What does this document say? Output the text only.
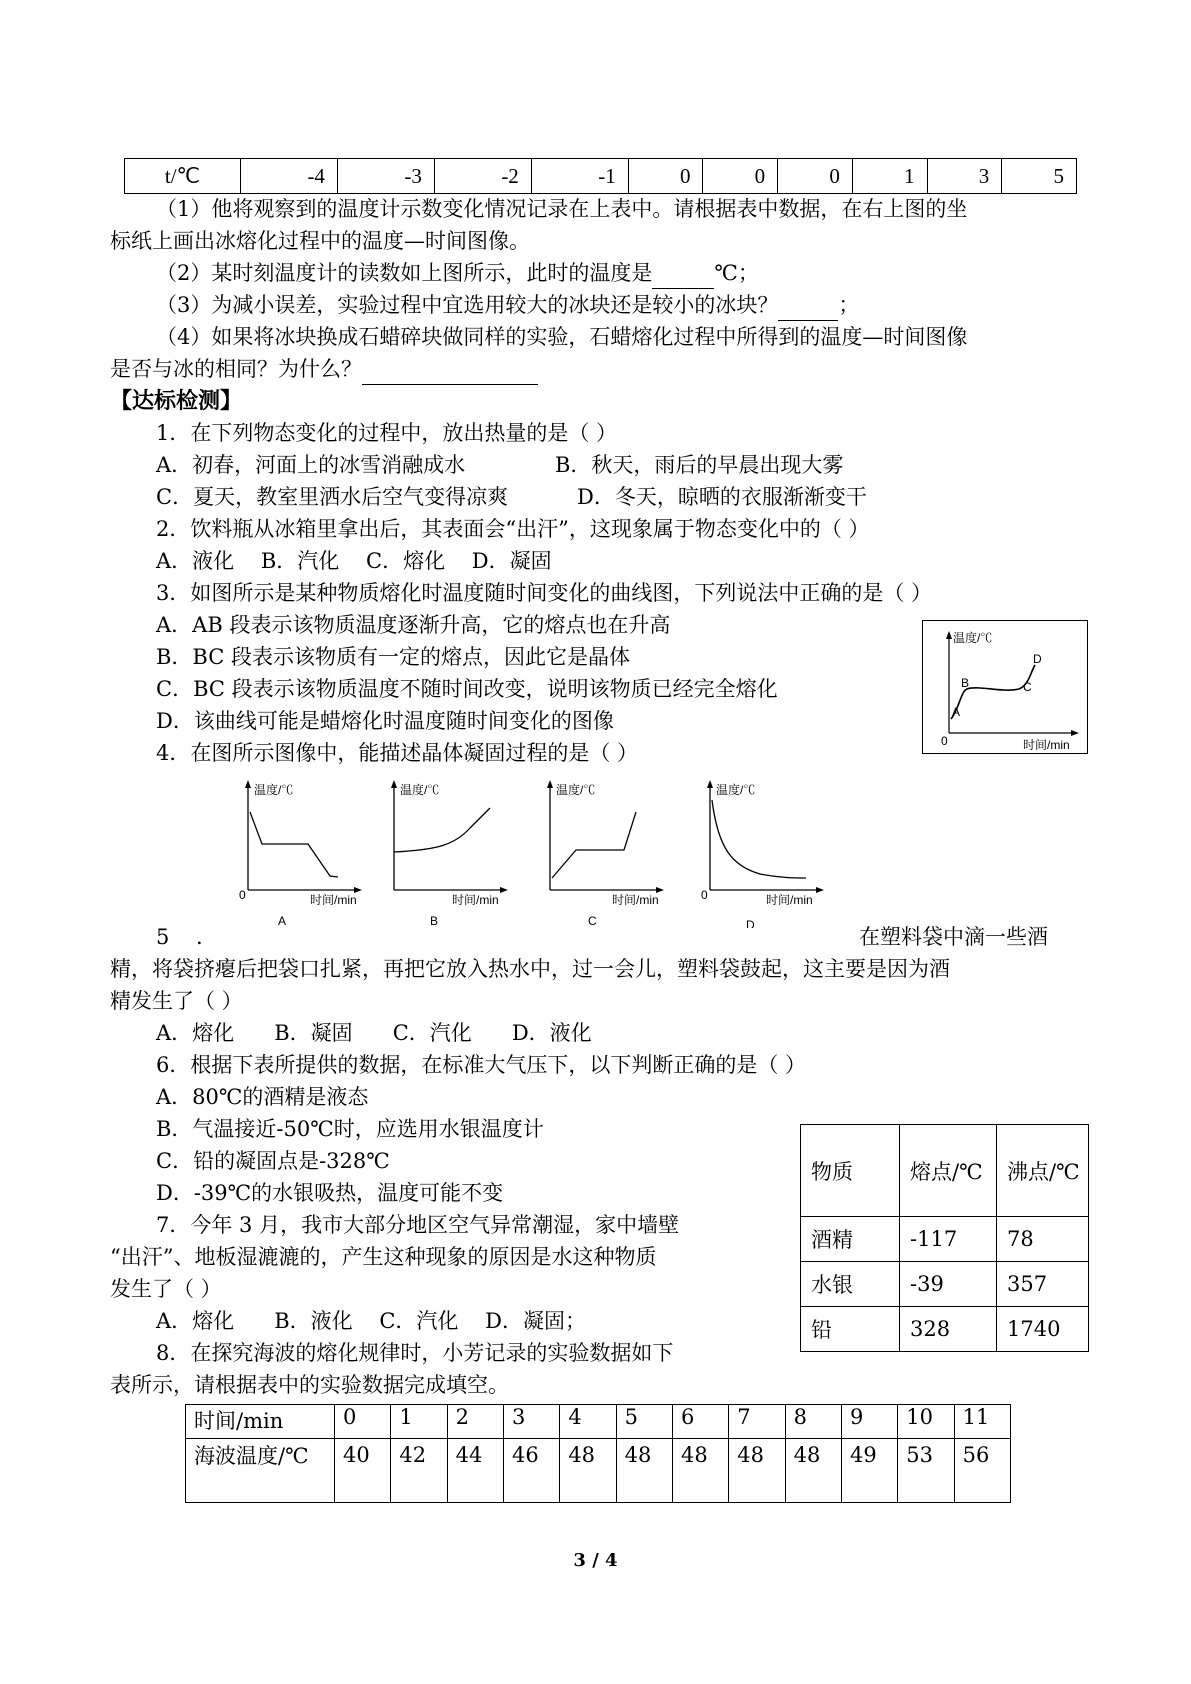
t/℃	-4	-3	-2	-1	0	0	0	1	3	5
（1）他将观察到的温度计示数变化情况记录在上表中。请根据表中数据，在右上图的坐
标纸上画出冰熔化过程中的温度—时间图像。
（2）某时刻温度计的读数如上图所示，此时的温度是	℃；
（3）为减小误差，实验过程中宜选用较大的冰块还是较小的冰块？	；
（4）如果将冰块换成石蜡碎块做同样的实验，石蜡熔化过程中所得到的温度—时间图像
是否与冰的相同？为什么？
【达标检测】
1．在下列物态变化的过程中，放出热量的是（ ）
A．初春，河面上的冰雪消融成水	B．秋天，雨后的早晨出现大雾
C．夏天，教室里洒水后空气变得凉爽	D．冬天，晾晒的衣服渐渐变干
2．饮料瓶从冰箱里拿出后，其表面会“出汗”，这现象属于物态变化中的（ ）
A．液化    B．汽化    C．熔化    D．凝固
3．如图所示是某种物质熔化时温度随时间变化的曲线图，下列说法中正确的是（ ）
A．AB 段表示该物质温度逐渐升高，它的熔点也在升高
B．BC 段表示该物质有一定的熔点，因此它是晶体
C．BC 段表示该物质温度不随时间改变，说明该物质已经完全熔化
D．该曲线可能是蜡熔化时温度随时间变化的图像
4．在图所示图像中，能描述晶体凝固过程的是（ ）
温度/℃
时间/min
0
A
B	C
D
温度/℃
时间/min
0
A
温度/℃
时间/min
B
温度/℃
时间/min
C
温度/℃
时间/min
0
D
5    .	在塑料袋中滴一些酒
精，将袋挤瘪后把袋口扎紧，再把它放入热水中，过一会儿，塑料袋鼓起，这主要是因为酒
精发生了（ ）
A．熔化      B．凝固      C．汽化      D．液化
6．根据下表所提供的数据，在标准大气压下，以下判断正确的是（ ）
A．80℃的酒精是液态
B．气温接近-50℃时，应选用水银温度计
C．铅的凝固点是-328℃
D．-39℃的水银吸热，温度可能不变
7．今年 3 月，我市大部分地区空气异常潮湿，家中墙壁
“出汗”、地板湿漉漉的，产生这种现象的原因是水这种物质
发生了（ ）
A．熔化      B．液化    C．汽化    D．凝固；
8．在探究海波的熔化规律时，小芳记录的实验数据如下
表所示，请根据表中的实验数据完成填空。
物质	熔点/℃	沸点/℃
酒精	-117	78
水银	-39	357
铅	328	1740
时间/min	0	1	2	3	4	5	6	7	8	9	10	11
海波温度/℃	40	42	44	46	48	48	48	48	48	49	53	56
3 / 4
